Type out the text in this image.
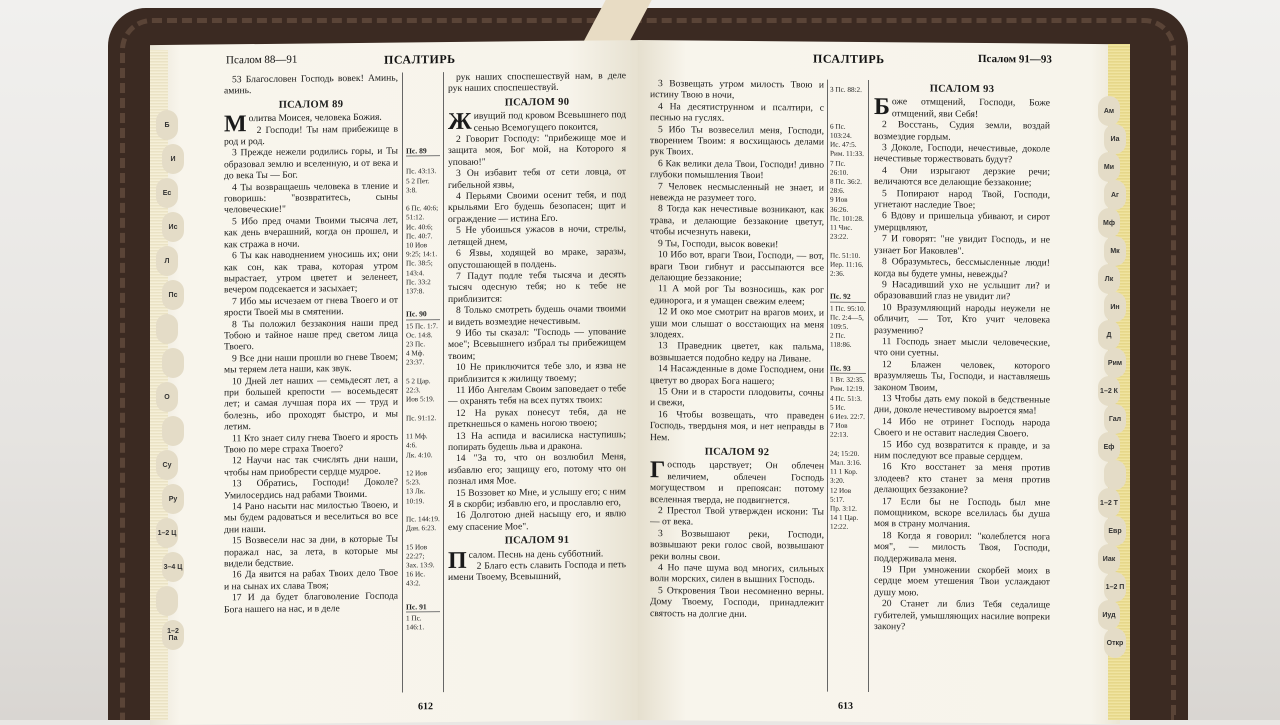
Псалом 88—91	ПСАЛТИРЬ

53 Благословен Господь вовек! Аминь, аминь.

ПСАЛОМ 89

Молитва Моисея, человека Божия.

2 Господи! Ты нам прибежище в род и род.

3 Прежде нежели родились горы, и Ты образовал землю и вселенную, и от века и до века Ты — Бог.

4 Ты возвращаешь человека в тление и говоришь: "возвратитесь, сыны человеческие!"

5 Ибо пред очами Твоими тысяча лет, как день вчерашний, когда он прошел, и как стража в ночи.

6 Ты как наводнением уносишь их; они как сон, как трава, которая утром вырастает, утром цветет и зеленеет, вечером подсекается и засыхает;

7 Ибо мы исчезаем от гнева Твоего и от ярости Твоей мы в смятении.

8 Ты положил беззакония наши пред Тобою и тайное наше пред светом лица Твоего.

9 Все дни наши прошли во гневе Твоем; мы теряем лета наши, как звук.

10 Дней лет наших — семьдесят лет, а при большей крепости — восемьдесят лет; и самая лучшая пора их — труд и болезнь, ибо проходят быстро, и мы летим.

11 Кто знает силу гнева Твоего и ярость Твою по мере страха Твоего?

12 Научи нас так счислять дни наши, чтобы нам приобрести сердце мудрое.

13 Обратись, Господи! Доколе? Умилосердись над рабами Твоими.

14 Рано насыти нас милостью Твоею, и мы будем радоваться и веселиться во все дни наши.

15 Возвесели нас за дни, в которые Ты поражал нас, за лета, в которые мы видели бедствие.

16 Да явится на рабах Твоих дело Твое и на сынах их слава Твоя;

17 И да будет благоволение Господа Бога нашего на нас, и в деле

Пс. 89

Пс. 43:13.
5 2 Пет. 3:8.

6 Пс. 40:6; 51:12.
Ис. 40:6;
Пс. 40:7.
10 Иов 9:25; 14:1.
Пс. 38:5; 143:4.
Пс. 33:2
137:8.

Пс. 90
15 Пс. 1:7.
Ос. 14:8.
23 Пс.
4 Мф. 23:37.

5 2 Цар. 22:3.
Иов 5:19.

Пс. 91:12.

11 Мф. 4:6.
Лк. 4:10.

12 Иов 5:23.
13 Лк. 10:19.

Пс. 144:19.
Дан. 6:23.

15 Иов 22:27;
Зах. 13:9.
16 Ис. 43:2.

Пс. 91
1 Пс. 146:1.

рук наших споспешествуй нам, в деле рук наших споспешествуй.

ПСАЛОМ 90

Живущий под кровом Всевышнего под сенью Всемогущего покоится,

2 Говорит Господу: "прибежище мое и защита моя, Бог мой, на Которого я уповаю!"

3 Он избавит тебя от сети ловца, от гибельной язвы,

4 Перьями Своими осенит тебя, и под крыльями Его будешь безопасен; щит и ограждение — истина Его.

5 Не убоишься ужасов в ночи, стрелы, летящей днем,

6 Язвы, ходящей во мраке, заразы, опустошающей в полдень.

7 Падут подле тебя тысяча и десять тысяч одесную тебя; но к тебе не приблизится:

8 Только смотреть будешь очами твоими и видеть возмездие нечестивым.

9 Ибо ты сказал: "Господь — упование мое"; Всевышнего избрал ты прибежищем твоим;

10 Не приключится тебе зло, и язва не приблизится к жилищу твоему;

11 Ибо Ангелам Своим заповедает о тебе — охранять тебя на всех путях твоих:

12 На руках понесут тебя, да не преткнешься о камень ногою твоею;

13 На аспида и василиска наступишь; попирать будешь льва и дракона.

14 "За то, что он возлюбил Меня, избавлю его; защищу его, потому что он познал имя Мое.

15 Воззовет ко Мне, и услышу его; с ним Я в скорби; избавлю его, и прославлю его,

16 Долготою дней насыщу его, и явлю ему спасение Мое".

ПСАЛОМ 91

Псалом. Песнь на день субботний.

2 Благо есть славить Господа и петь имени Твоему, Всевышний,

612
ПСАЛТИРЬ	Псалом 91—93

3 Возвещать утром милость Твою и истину Твою в ночи,

4 На десятиструнном и псалтири, с песнью на гуслях.

5 Ибо Ты возвеселил меня, Господи, творением Твоим: я восхищаюсь делами рук Твоих.

6 Как велики дела Твои, Господи! дивно глубоки помышления Твои!

7 Человек несмысленный не знает, и невежда не разумеет того.

8 Тогда как нечестивые возникают, как трава, и делающие беззаконие цветут, чтобы исчезнуть навеки,

9 Ты, Господи, высок вовеки!

10 Ибо вот, враги Твои, Господи, — вот, враги Твои гибнут и рассыпаются все делающие беззаконие;

11 А мой рог Ты возносишь, как рог единорога, и я умащен свежим елеем;

12 И око мое смотрит на врагов моих, и уши мои слышат о восстающих на меня злодеях.

13 Праведник цветет, как пальма, возвышается подобно кедру на Ливане.

14 Насажденные в доме Господнем, они цветут во дворах Бога нашего;

15 Они и в старости плодовиты, сочны и свежи,

16 Чтобы возвещать, что праведен Господь, твердыня моя, и нет неправды в Нем.

ПСАЛОМ 92

Господь царствует; Он облечен величием, облечен Господь могуществом и препоясан: потому вселенная тверда, не подвигнется.

2 Престол Твой утвержден искони: Ты — от века.

3 Возвышают реки, Господи, возвышают реки голос свой, возвышают реки волны свои.

4 Но паче шума вод многих, сильных волн морских, силен в вышних Господь.

5 Откровения Твои несомненно верны. Дому Твоему, Господи, принадлежит святость на долгие дни.

3 Пс. 88:2.

6 Пс. 103:24.
Ис. 47:5.
Рим. 11:33.
7 Пс.
26:10.
8 Пс. 36:2.
28:6.
9 Иов 36:26.
Пс. 101:28.
11 Чис. 23:22.

Пс. 51:10.
Иер. 11:16.
2:36.

Пс. 92
1 Пс. 95:10.
Пс. 2:4—5, 109:5.
2 Пс. 118:86.

Пс. 93
1 Вт. 32:35.
Рим. 12:19.
4 Пс. 51:3.
5 Ис.
6 Иез. 22:7.
7 Иов 22:13.

24; 15:20.
Мал. 3:16.
11 1 Кор. 3:20.
12 Иов 5:17.
Пр. 3:12.
14 1 Цар. 12:22.
ПСАЛОМ 93

Боже отмщений, Господи, Боже отмщений, яви Себя!

2 Восстань, Судия земли, воздай возмездие гордым.

3 Доколе, Господи, нечестивые, доколе нечестивые торжествовать будут?

4 Они изрыгают дерзкие речи; величаются все делающие беззаконие;

5 Попирают народ Твой, Господи, угнетают наследие Твое;

6 Вдову и пришельца убивают, и сирот умерщвляют,

7 И говорят: "не увидит Господь, и не узнает Бог Иаковлев".

8 Образумьтесь, бессмысленные люди! когда вы будете умны, невежды?

9 Насадивший ухо не услышит ли? и образовавший глаз не увидит ли?

10 Вразумляющий народы неужели не обличит, — Тот, Кто учит человека разумению?

11 Господь знает мысли человеческие, что они суетны.

12 Блажен человек, которого вразумляешь Ты, Господи, и наставляешь законом Твоим,

13 Чтобы дать ему покой в бедственные дни, доколе нечестивому выроется яма!

14 Ибо не отринет Господь народа Своего и не оставит наследия Своего.

15 Ибо суд возвратится к правде, и за ним последуют все правые сердцем.

16 Кто восстанет за меня против злодеев? кто станет за меня против делающих беззаконие?

17 Если бы не Господь был мне помощником, вскоре вселилась бы душа моя в страну молчания.

18 Когда я говорил: "колеблется нога моя", — милость Твоя, Господи, поддерживала меня.

19 При умножении скорбей моих в сердце моем утешения Твои услаждают душу мою.

20 Станет ли близ Тебя седалище губителей, умышляющих насилие вопреки закону?

613
Б
И
Ес
Ис
Л
Пс
О
Су
Ру
1–2 Ц
3–4 Ц
1–2 Па
Ам
Иа
Ми
Аг
Мф
Мк
Лк
Ин
Д
Рим
1–2 К
Гал
Еф
1–2 Т
Евр
Иак
1–2 П
Иуд
Откр
